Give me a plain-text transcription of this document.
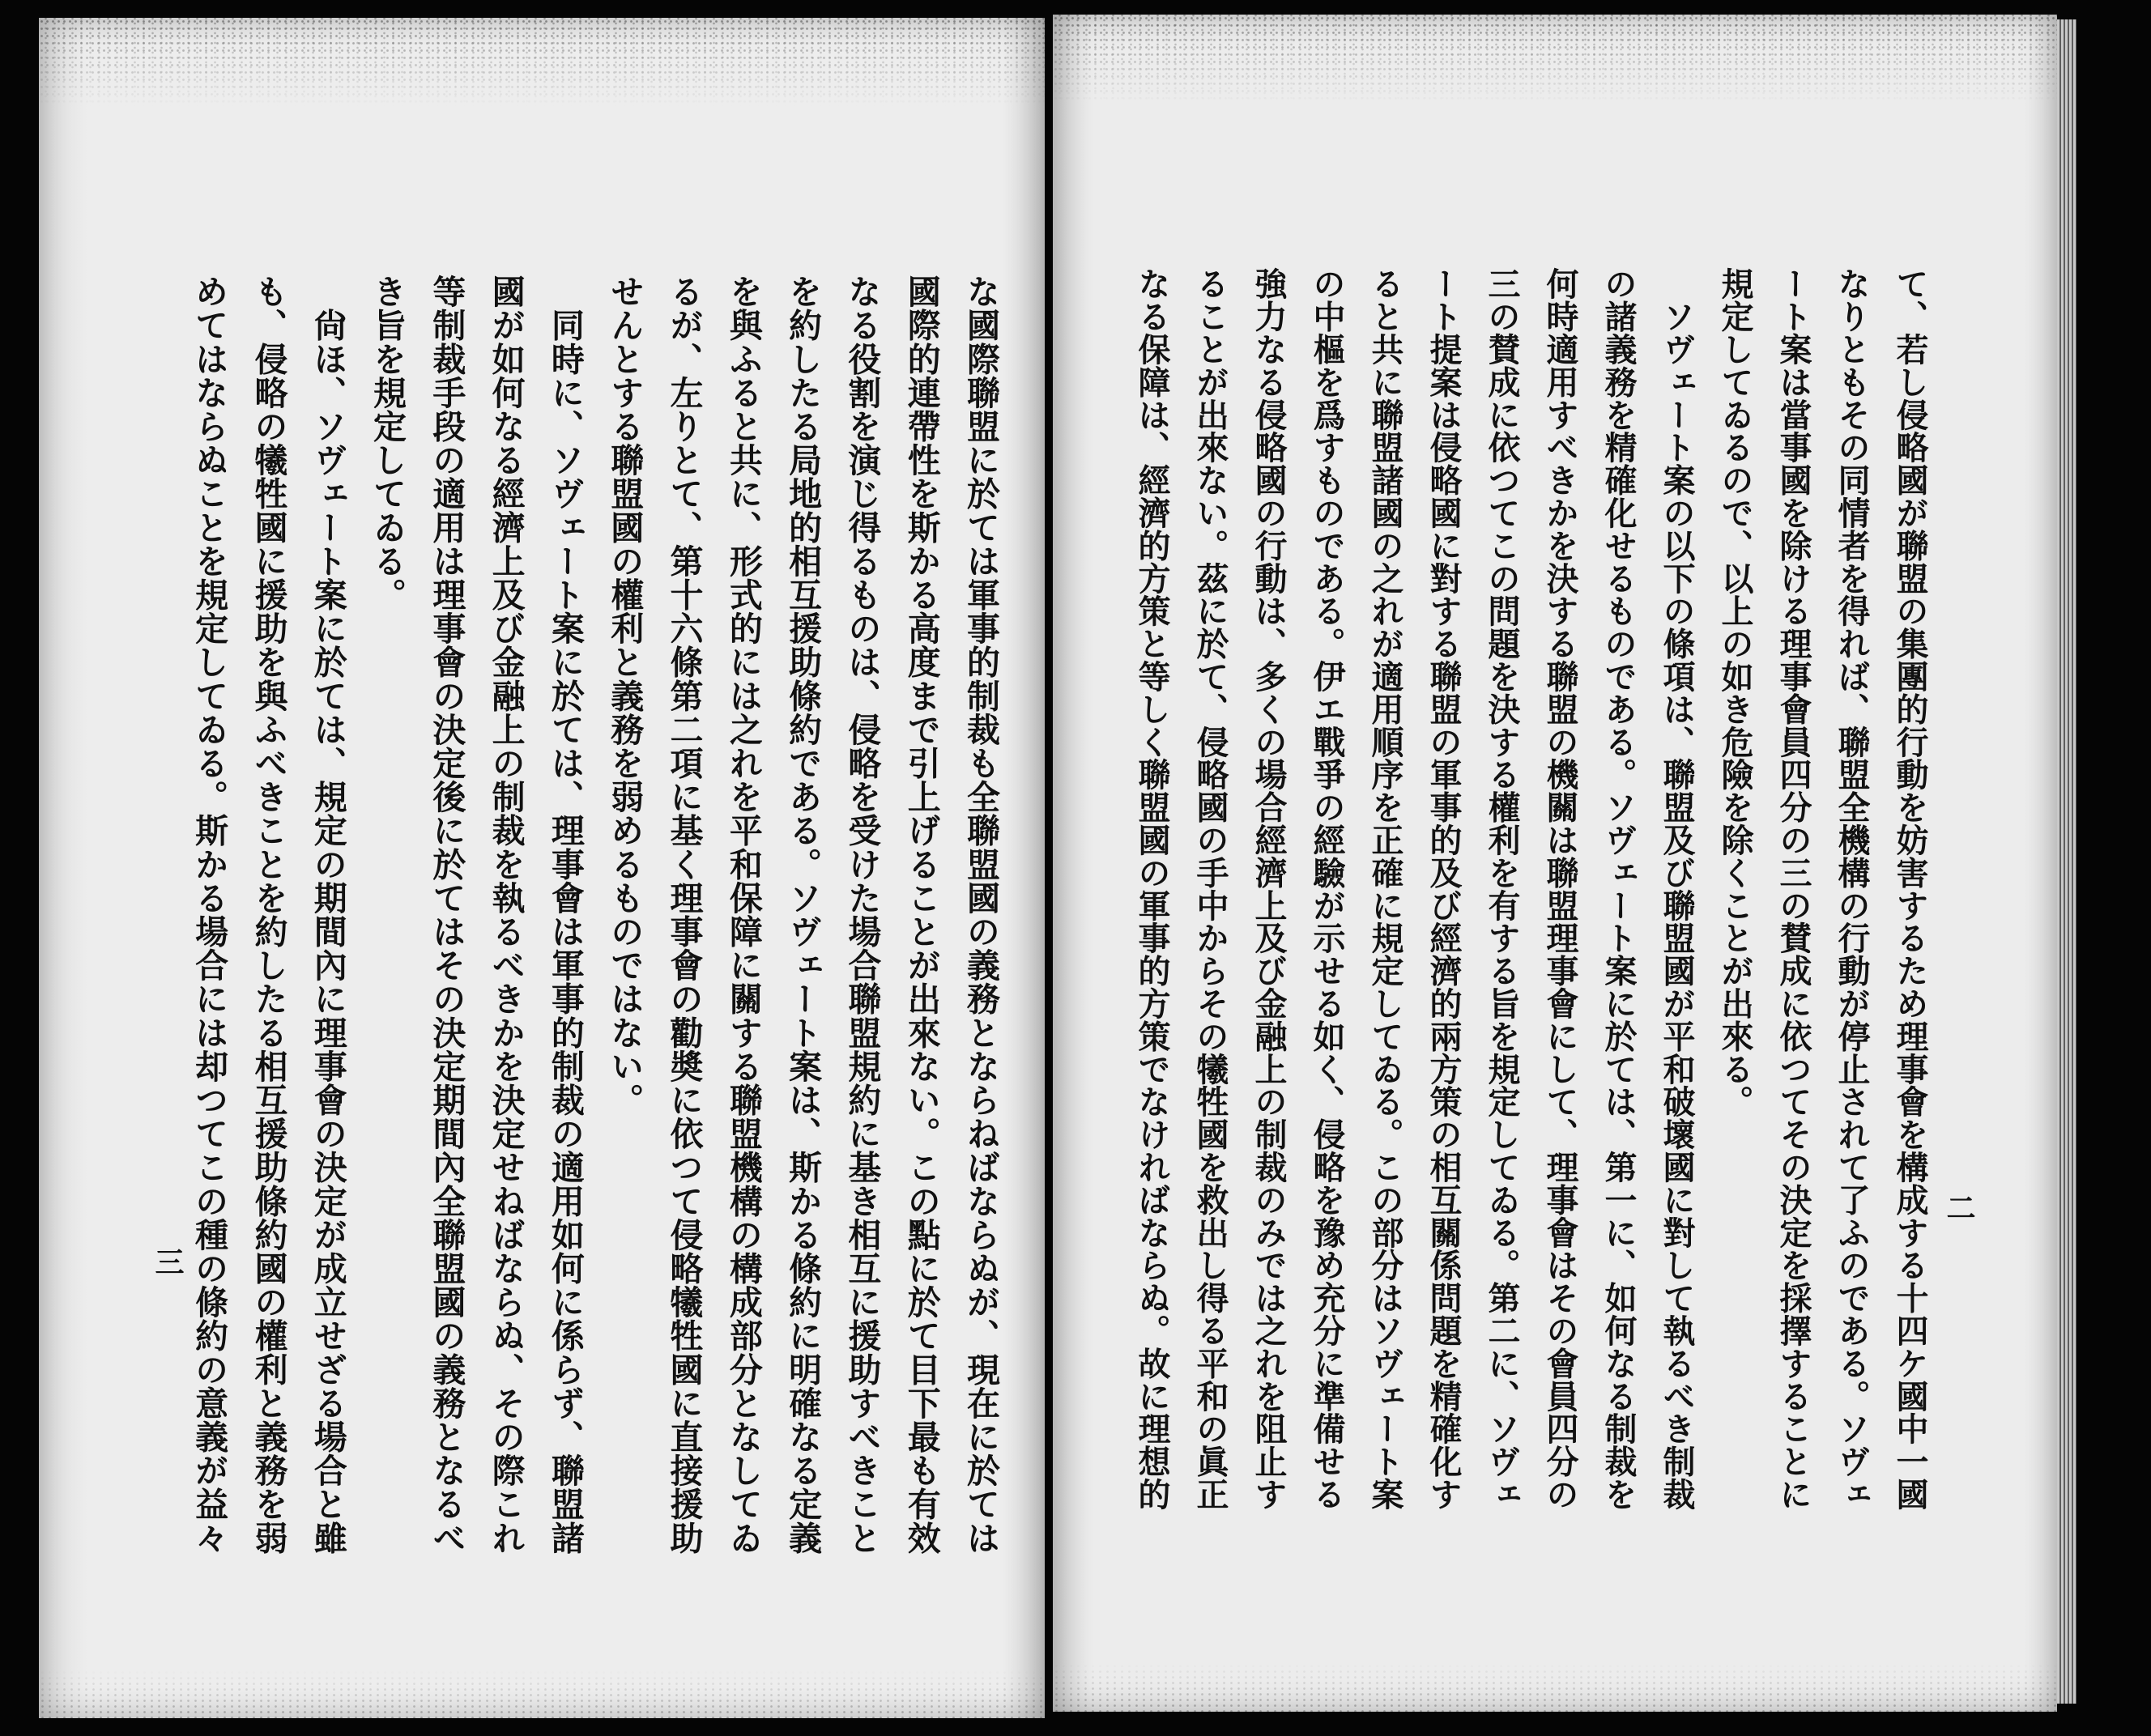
な國際聯盟に於ては軍事的制裁も全聯盟國の義務とならねばならぬが、現在に於ては
國際的連帶性を斯かる高度まで引上げることが出來ない。この點に於て目下最も有效
なる役割を演じ得るものは、侵略を受けた場合聯盟規約に基き相互に援助すべきこと
を約したる局地的相互援助條約である。ソヴェート案は、斯かる條約に明確なる定義
を與ふると共に、形式的には之れを平和保障に關する聯盟機構の構成部分となしてゐ
るが、左りとて、第十六條第二項に基く理事會の勸奬に依つて侵略犧牲國に直接援助
せんとする聯盟國の權利と義務を弱めるものではない。
　同時に、ソヴェート案に於ては、理事會は軍事的制裁の適用如何に係らず、聯盟諸
國が如何なる經濟上及び金融上の制裁を執るべきかを決定せねばならぬ、その際これ
等制裁手段の適用は理事會の決定後に於てはその決定期間內全聯盟國の義務となるべ
き旨を規定してゐる。
　尙ほ、ソヴェート案に於ては、規定の期間內に理事會の決定が成立せざる場合と雖
も、侵略の犧牲國に援助を與ふべきことを約したる相互援助條約國の權利と義務を弱
めてはならぬことを規定してゐる。斯かる場合には却つてこの種の條約の意義が益々
三	て、若し侵略國が聯盟の集團的行動を妨害するため理事會を構成する十四ケ國中一國
なりともその同情者を得れば、聯盟全機構の行動が停止されて了ふのである。ソヴェ
ート案は當事國を除ける理事會員四分の三の賛成に依つてその決定を採擇することに
規定してゐるので、以上の如き危險を除くことが出來る。
　ソヴェート案の以下の條項は、聯盟及び聯盟國が平和破壞國に對して執るべき制裁
の諸義務を精確化せるものである。ソヴェート案に於ては、第一に、如何なる制裁を
何時適用すべきかを決する聯盟の機關は聯盟理事會にして、理事會はその會員四分の
三の賛成に依つてこの問題を決する權利を有する旨を規定してゐる。第二に、ソヴェ
ート提案は侵略國に對する聯盟の軍事的及び經濟的兩方策の相互關係問題を精確化す
ると共に聯盟諸國の之れが適用順序を正確に規定してゐる。この部分はソヴェート案
の中樞を爲すものである。伊エ戰爭の經驗が示せる如く、侵略を豫め充分に準備せる
強力なる侵略國の行動は、多くの場合經濟上及び金融上の制裁のみでは之れを阻止す
ることが出來ない。茲に於て、侵略國の手中からその犧牲國を救出し得る平和の眞正
なる保障は、經濟的方策と等しく聯盟國の軍事的方策でなければならぬ。故に理想的	二
